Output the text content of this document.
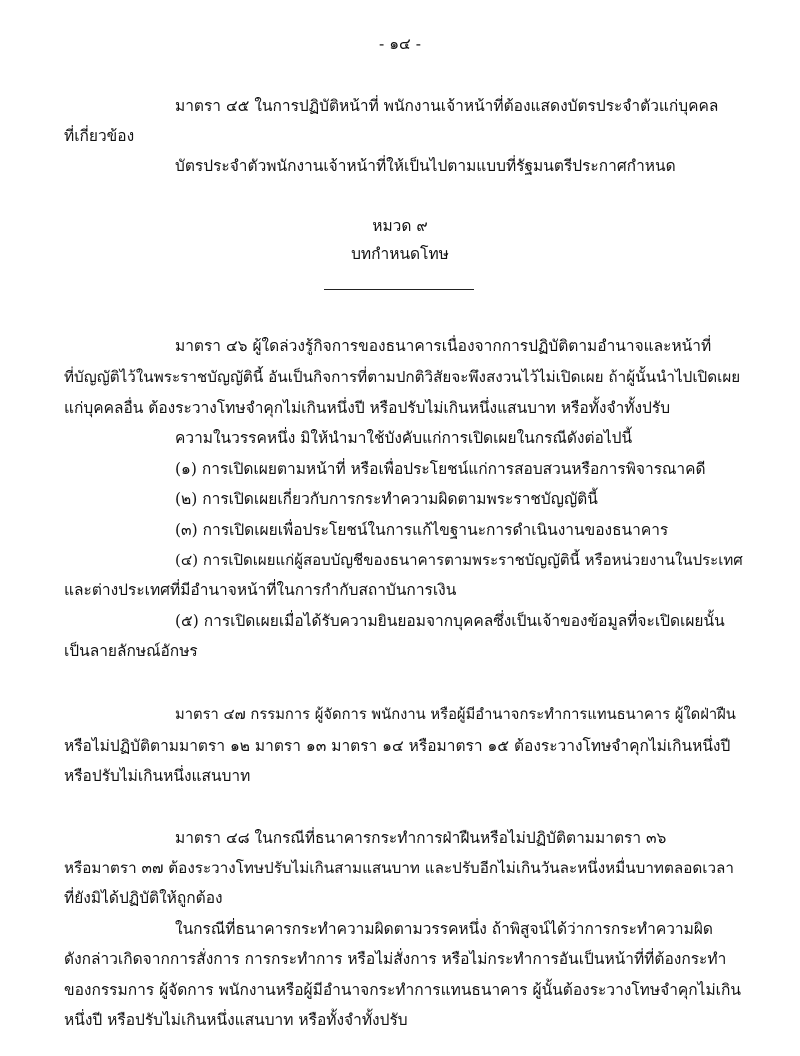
- ๑๔ -
มาตรา ๔๕ ในการปฏิบัติหน้าที่ พนักงานเจ้าหน้าที่ต้องแสดงบัตรประจำตัวแก่บุคคล
ที่เกี่ยวข้อง
บัตรประจำตัวพนักงานเจ้าหน้าที่ให้เป็นไปตามแบบที่รัฐมนตรีประกาศกำหนด
หมวด ๙
บทกำหนดโทษ
มาตรา ๔๖ ผู้ใดล่วงรู้กิจการของธนาคารเนื่องจากการปฏิบัติตามอำนาจและหน้าที่
ที่บัญญัติไว้ในพระราชบัญญัตินี้ อันเป็นกิจการที่ตามปกติวิสัยจะพึงสงวนไว้ไม่เปิดเผย ถ้าผู้นั้นนำไปเปิดเผย
แก่บุคคลอื่น ต้องระวางโทษจำคุกไม่เกินหนึ่งปี หรือปรับไม่เกินหนึ่งแสนบาท หรือทั้งจำทั้งปรับ
ความในวรรคหนึ่ง มิให้นำมาใช้บังคับแก่การเปิดเผยในกรณีดังต่อไปนี้
(๑) การเปิดเผยตามหน้าที่ หรือเพื่อประโยชน์แก่การสอบสวนหรือการพิจารณาคดี
(๒) การเปิดเผยเกี่ยวกับการกระทำความผิดตามพระราชบัญญัตินี้
(๓) การเปิดเผยเพื่อประโยชน์ในการแก้ไขฐานะการดำเนินงานของธนาคาร
(๔) การเปิดเผยแก่ผู้สอบบัญชีของธนาคารตามพระราชบัญญัตินี้ หรือหน่วยงานในประเทศ
และต่างประเทศที่มีอำนาจหน้าที่ในการกำกับสถาบันการเงิน
(๕) การเปิดเผยเมื่อได้รับความยินยอมจากบุคคลซึ่งเป็นเจ้าของข้อมูลที่จะเปิดเผยนั้น
เป็นลายลักษณ์อักษร
มาตรา ๔๗ กรรมการ ผู้จัดการ พนักงาน หรือผู้มีอำนาจกระทำการแทนธนาคาร ผู้ใดฝ่าฝืน
หรือไม่ปฏิบัติตามมาตรา ๑๒ มาตรา ๑๓ มาตรา ๑๔ หรือมาตรา ๑๕ ต้องระวางโทษจำคุกไม่เกินหนึ่งปี
หรือปรับไม่เกินหนึ่งแสนบาท
มาตรา ๔๘ ในกรณีที่ธนาคารกระทำการฝ่าฝืนหรือไม่ปฏิบัติตามมาตรา ๓๖
หรือมาตรา ๓๗ ต้องระวางโทษปรับไม่เกินสามแสนบาท และปรับอีกไม่เกินวันละหนึ่งหมื่นบาทตลอดเวลา
ที่ยังมิได้ปฏิบัติให้ถูกต้อง
ในกรณีที่ธนาคารกระทำความผิดตามวรรคหนึ่ง ถ้าพิสูจน์ได้ว่าการกระทำความผิด
ดังกล่าวเกิดจากการสั่งการ การกระทำการ หรือไม่สั่งการ หรือไม่กระทำการอันเป็นหน้าที่ที่ต้องกระทำ
ของกรรมการ ผู้จัดการ พนักงานหรือผู้มีอำนาจกระทำการแทนธนาคาร ผู้นั้นต้องระวางโทษจำคุกไม่เกิน
หนึ่งปี หรือปรับไม่เกินหนึ่งแสนบาท หรือทั้งจำทั้งปรับ
